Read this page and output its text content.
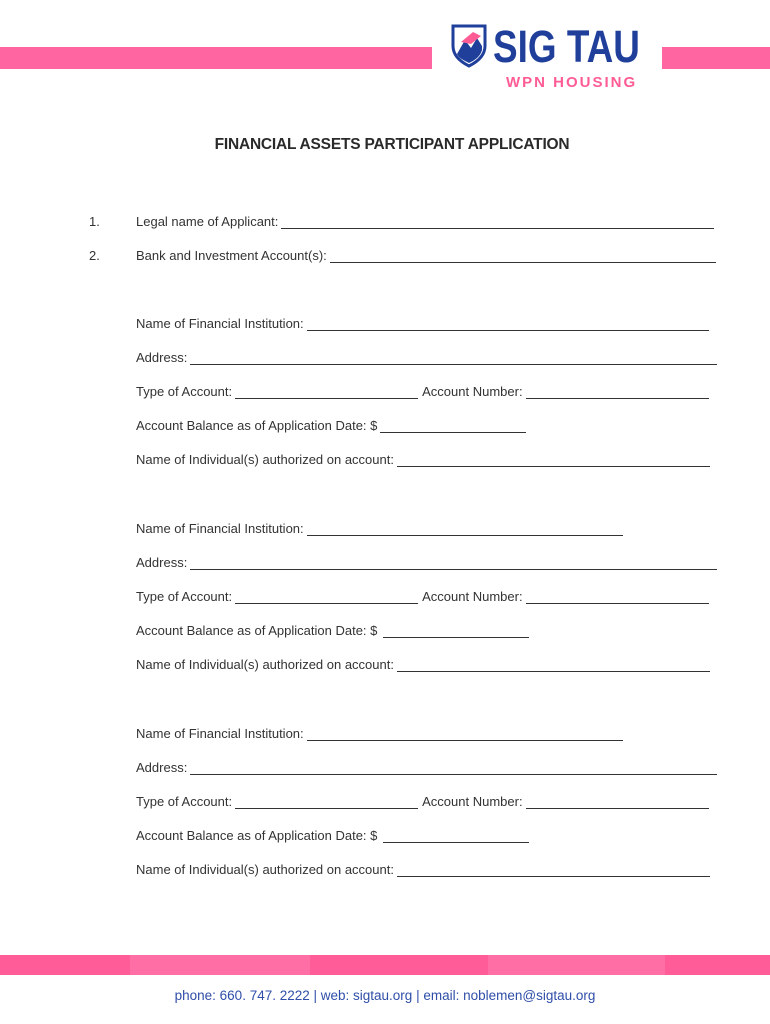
SIG TAU
WPN HOUSING
FINANCIAL ASSETS PARTICIPANT APPLICATION
1.	Legal name of Applicant:
2.	Bank and Investment Account(s):
Name of Financial Institution:
Address:
Type of Account:	Account Number:
Account Balance as of Application Date: $
Name of Individual(s) authorized on account:
Name of Financial Institution:
Address:
Type of Account:	Account Number:
Account Balance as of Application Date: $
Name of Individual(s) authorized on account:
Name of Financial Institution:
Address:
Type of Account:	Account Number:
Account Balance as of Application Date: $
Name of Individual(s) authorized on account:
phone: 660. 747. 2222 | web: sigtau.org | email: noblemen@sigtau.org
